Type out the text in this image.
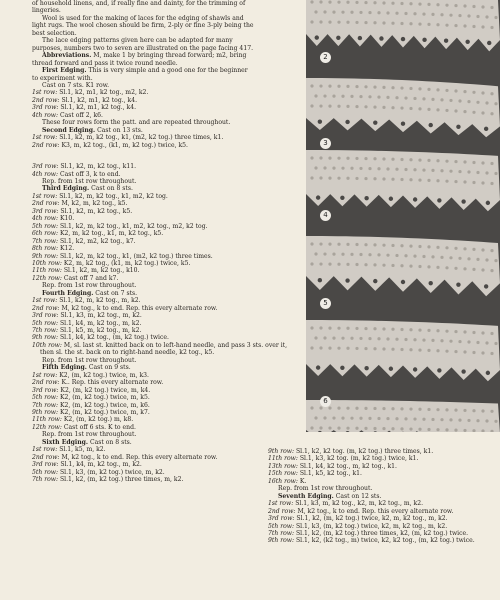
of household linens, and, if really fine and dainty, for the trimming of

lingeries.

Wool is used for the making of laces for the edging of shawls and

light rugs. The wool chosen should be firm, 2-ply or fine 3-ply being the

best selection.

The lace edging patterns given here can be adapted for many

purposes, numbers two to seven are illustrated on the page facing 417.

Abbreviations. M, make 1 by bringing thread forward; m2, bring

thread forward and pass it twice round needle.

First Edging. This is very simple and a good one for the beginner

to experiment with.

Cast on 7 sts. K1 row.

1st row: Sl.1, k2, m1, k2 tog., m2, k2.

2nd row: Sl.1, k2, m1, k2 tog., k4.

3rd row: Sl.1, k2, m1, k2 tog., k4.

4th row: Cast off 2, k6.

These four rows form the patt. and are repeated throughout.

Second Edging. Cast on 13 sts.

1st row: Sl.1, k2, m, k2 tog., k1, (m2, k2 tog.) three times, k1.

2nd row: K3, m, k2 tog., (k1, m, k2 tog.) twice, k5.

3rd row: Sl.1, k2, m, k2 tog., k11.

4th row: Cast off 3, k to end.

Rep. from 1st row throughout.

Third Edging. Cast on 8 sts.

1st row: Sl.1, k2, m, k2 tog., k1, m2, k2 tog.

2nd row: M, k2, m, k2 tog., k5.

3rd row: Sl.1, k2, m, k2 tog., k5.

4th row: K10.

5th row: Sl.1, k2, m, k2 tog., k1, m2, k2 tog., m2, k2 tog.

6th row: K2, m, k2 tog., k1, m, k2 tog., k5.

7th row: Sl.1, k2, m2, k2 tog., k7.

8th row: K12.

9th row: Sl.1, k2, m, k2 tog., k1, (m2, k2 tog.) three times.

10th row: K2, m, k2 tog., (k1, m, k2 tog.) twice, k5.

11th row: Sl.1, k2, m, k2 tog., k10.

12th row: Cast off 7 and k7.

Rep. from 1st row throughout.

Fourth Edging. Cast on 7 sts.

1st row: Sl.1, k2, m, k2 tog., m, k2.

2nd row: M, k2 tog., k to end. Rep. this every alternate row.

3rd row: Sl.1, k3, m, k2 tog., m, k2.

5th row: Sl.1, k4, m, k2 tog., m, k2.

7th row: Sl.1, k5, m, k2 tog., m, k2.

9th row: Sl.1, k4, k2 tog., (m, k2 tog.) twice.

10th row: M, sl. last st. knitted back on to left-hand needle, and pass 3 sts. over it, then sl. the st. back on to right-hand needle, k2 tog., k5.

Rep. from 1st row throughout.

Fifth Edging. Cast on 9 sts.

1st row: K2, (m, k2 tog.) twice, m, k3.

2nd row: K.. Rep. this every alternate row.

3rd row: K2, (m, k2 tog.) twice, m, k4.

5th row: K2, (m, k2 tog.) twice, m, k5.

7th row: K2, (m, k2 tog.) twice, m, k6.

9th row: K2, (m, k2 tog.) twice, m, k7.

11th row: K2, (m, k2 tog.) m, k8.

12th row: Cast off 6 sts. K to end.

Rep. from 1st row throughout.

Sixth Edging. Cast on 8 sts.

1st row: Sl.1, k5, m, k2.

2nd row: M, k2 tog., k to end. Rep. this every alternate row.

3rd row: Sl.1, k4, m, k2 tog., m, k2.

5th row: Sl.1, k3, (m, k2 tog.) twice, m, k2.

7th row: Sl.1, k2, (m, k2 tog.) three times, m, k2.

2
3
4
5
6

9th row: Sl.1, k2, k2 tog. (m, k2 tog.) three times, k1.

11th row: Sl.1, k3, k2 tog. (m, k2 tog.) twice, k1.

13th row: Sl.1, k4, k2 tog., m, k2 tog., k1.

15th row: Sl.1, k5, k2 tog., k1.

16th row: K.

Rep. from 1st row throughout.

Seventh Edging. Cast on 12 sts.

1st row: Sl.1, k3, m, k2 tog., k2, m, k2 tog., m, k2.

2nd row: M, k2 tog., k to end. Rep. this every alternate row.

3rd row: Sl.1, k2, (m, k2 tog.) twice, k2, m, k2 tog., m, k2.

5th row: Sl.1, k3, (m, k2 tog.) twice, k2, m, k2 tog., m, k2.

7th row: Sl.1, k2, (m, k2 tog.) three times, k2, (m, k2 tog.) twice.

9th row: Sl.1, k2, (k2 tog., m) twice, k2, k2 tog., (m, k2 tog.) twice.
